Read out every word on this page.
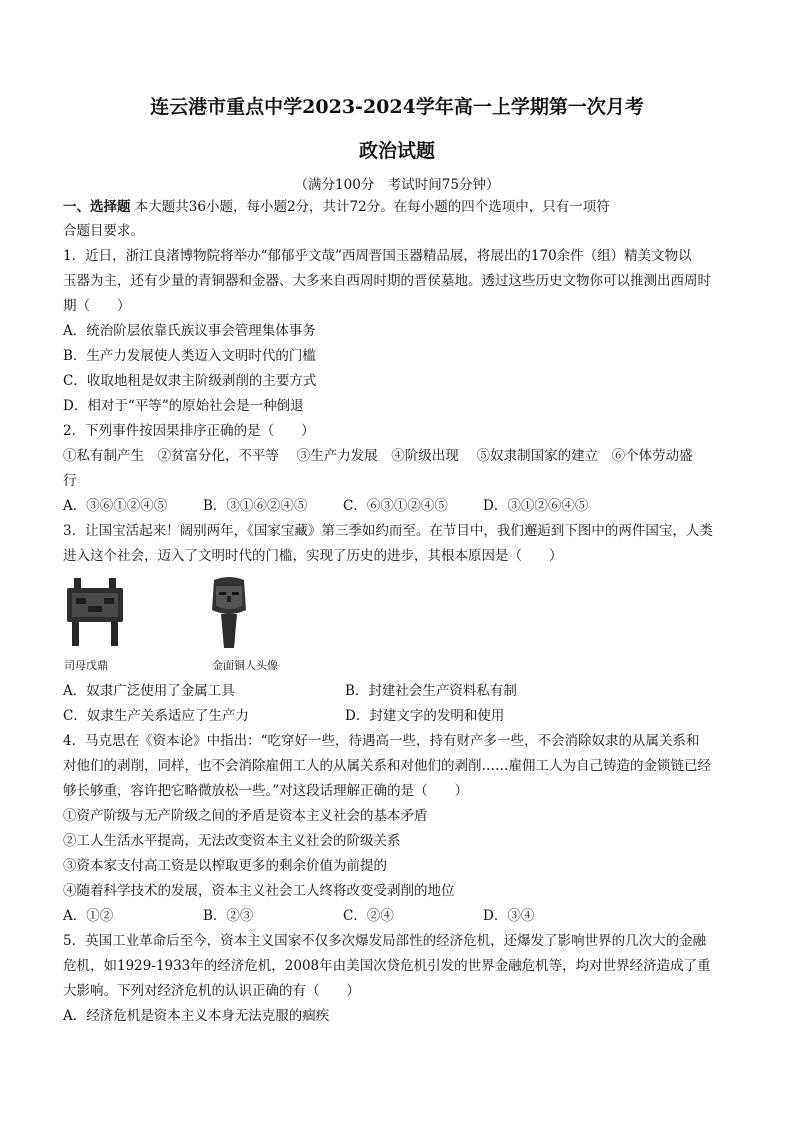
连云港市重点中学2023-2024学年高一上学期第一次月考
政治试题
（满分100分　考试时间75分钟）
一、选择题 本大题共36小题，每小题2分，共计72分。在每小题的四个选项中，只有一项符
合题目要求。
1．近日，浙江良渚博物院将举办“郁郁乎文哉”西周晋国玉器精品展，将展出的170余件（组）精美文物以
玉器为主，还有少量的青铜器和金器、大多来自西周时期的晋侯墓地。透过这些历史文物你可以推测出西周时
期（　　）
A．统治阶层依靠氏族议事会管理集体事务
B．生产力发展使人类迈入文明时代的门槛
C．收取地租是奴隶主阶级剥削的主要方式
D．相对于“平等”的原始社会是一种倒退
2．下列事件按因果排序正确的是（　　）
①私有制产生　②贫富分化，不平等　 ③生产力发展　④阶级出现　 ⑤奴隶制国家的建立　⑥个体劳动盛
行
A．③⑥①②④⑤	B．③①⑥②④⑤	C．⑥③①②④⑤	D．③①②⑥④⑤
3．让国宝活起来！阔别两年，《国家宝藏》第三季如约而至。在节目中，我们邂逅到下图中的两件国宝，人类
进入这个社会，迈入了文明时代的门槛，实现了历史的进步，其根本原因是（　　）
司母戊鼎	金面铜人头像
A．奴隶广泛使用了金属工具	B．封建社会生产资料私有制
C．奴隶生产关系适应了生产力	D．封建文字的发明和使用
4．马克思在《资本论》中指出：“吃穿好一些，待遇高一些，持有财产多一些，不会消除奴隶的从属关系和
对他们的剥削，同样，也不会消除雇佣工人的从属关系和对他们的剥削……雇佣工人为自己铸造的金锁链已经
够长够重，容许把它略微放松一些。”对这段话理解正确的是（　　）
①资产阶级与无产阶级之间的矛盾是资本主义社会的基本矛盾
②工人生活水平提高，无法改变资本主义社会的阶级关系
③资本家支付高工资是以榨取更多的剩余价值为前提的
④随着科学技术的发展，资本主义社会工人终将改变受剥削的地位
A．①②	B．②③	C．②④	D．③④
5．英国工业革命后至今，资本主义国家不仅多次爆发局部性的经济危机，还爆发了影响世界的几次大的金融
危机，如1929-1933年的经济危机，2008年由美国次贷危机引发的世界金融危机等，均对世界经济造成了重
大影响。下列对经济危机的认识正确的有（　　）
A．经济危机是资本主义本身无法克服的痼疾
